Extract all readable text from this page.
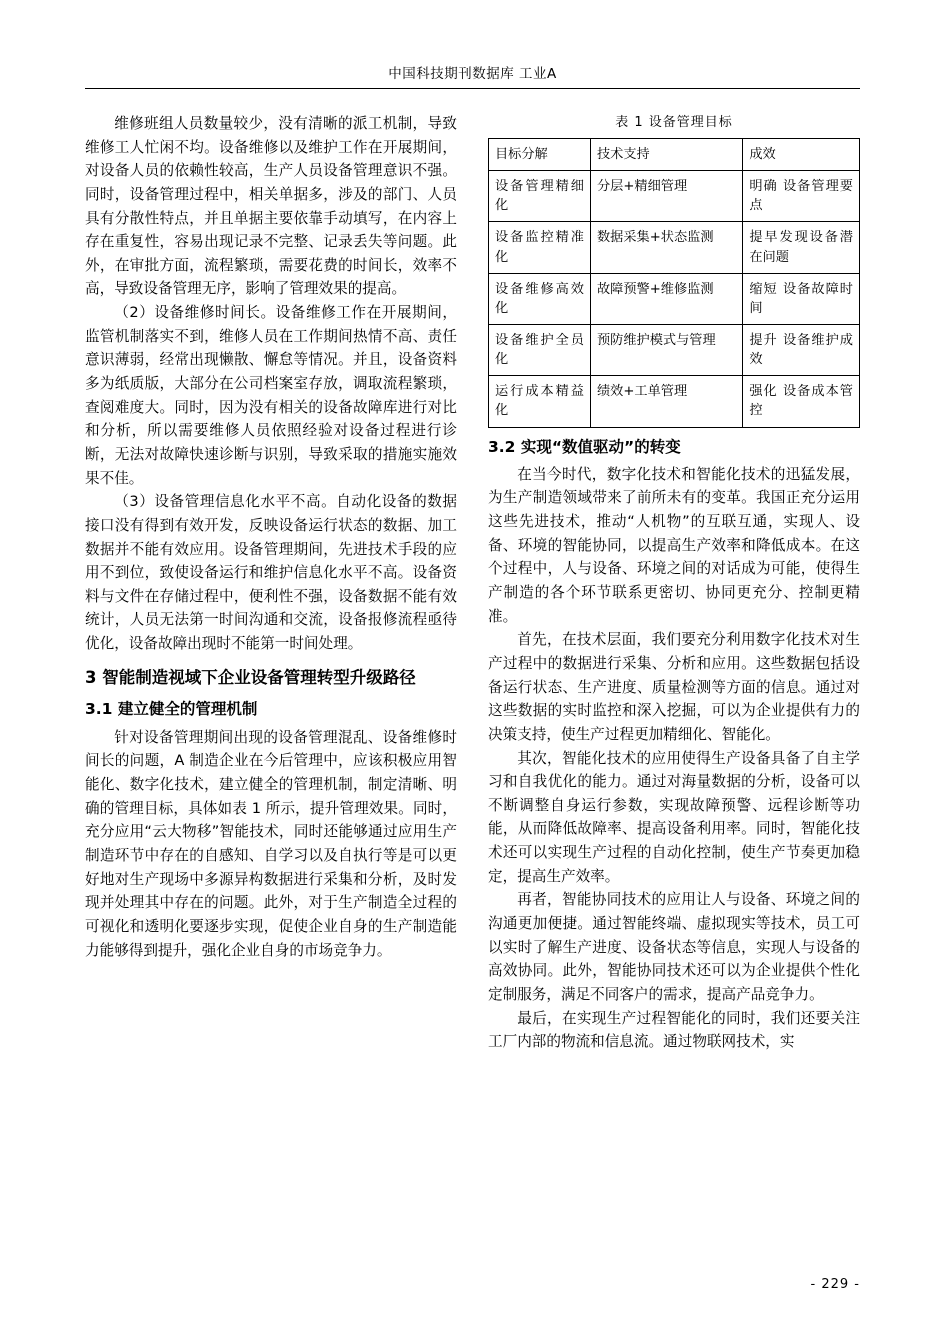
中国科技期刊数据库 工业A

维修班组人员数量较少，没有清晰的派工机制，导致维修工人忙闲不均。设备维修以及维护工作在开展期间，对设备人员的依赖性较高，生产人员设备管理意识不强。同时，设备管理过程中，相关单据多，涉及的部门、人员具有分散性特点，并且单据主要依靠手动填写，在内容上存在重复性，容易出现记录不完整、记录丢失等问题。此外，在审批方面，流程繁琐，需要花费的时间长，效率不高，导致设备管理无序，影响了管理效果的提高。

（2）设备维修时间长。设备维修工作在开展期间，监管机制落实不到，维修人员在工作期间热情不高、责任意识薄弱，经常出现懒散、懈怠等情况。并且，设备资料多为纸质版，大部分在公司档案室存放，调取流程繁琐，查阅难度大。同时，因为没有相关的设备故障库进行对比和分析，所以需要维修人员依照经验对设备过程进行诊断，无法对故障快速诊断与识别，导致采取的措施实施效果不佳。

（3）设备管理信息化水平不高。自动化设备的数据接口没有得到有效开发，反映设备运行状态的数据、加工数据并不能有效应用。设备管理期间，先进技术手段的应用不到位，致使设备运行和维护信息化水平不高。设备资料与文件在存储过程中，便利性不强，设备数据不能有效统计，人员无法第一时间沟通和交流，设备报修流程亟待优化，设备故障出现时不能第一时间处理。

3 智能制造视域下企业设备管理转型升级路径
3.1 建立健全的管理机制

针对设备管理期间出现的设备管理混乱、设备维修时间长的问题，A 制造企业在今后管理中，应该积极应用智能化、数字化技术，建立健全的管理机制，制定清晰、明确的管理目标，具体如表 1 所示，提升管理效果。同时，充分应用“云大物移”智能技术，同时还能够通过应用生产制造环节中存在的自感知、自学习以及自执行等是可以更好地对生产现场中多源异构数据进行采集和分析，及时发现并处理其中存在的问题。此外，对于生产制造全过程的可视化和透明化要逐步实现，促使企业自身的生产制造能力能够得到提升，强化企业自身的市场竞争力。

表 1 设备管理目标
目标分解	技术支持	成效
设备管理精细化	分层+精细管理	明确 设备管理要点
设备监控精准化	数据采集+状态监测	提早发现设备潜在问题
设备维修高效化	故障预警+维修监测	缩短 设备故障时间
设备维护全员化	预防维护模式与管理	提升 设备维护成效
运行成本精益化	绩效+工单管理	强化 设备成本管控
3.2 实现“数值驱动”的转变

在当今时代，数字化技术和智能化技术的迅猛发展，为生产制造领域带来了前所未有的变革。我国正充分运用这些先进技术，推动“人机物”的互联互通，实现人、设备、环境的智能协同，以提高生产效率和降低成本。在这个过程中，人与设备、环境之间的对话成为可能，使得生产制造的各个环节联系更密切、协同更充分、控制更精准。

首先，在技术层面，我们要充分利用数字化技术对生产过程中的数据进行采集、分析和应用。这些数据包括设备运行状态、生产进度、质量检测等方面的信息。通过对这些数据的实时监控和深入挖掘，可以为企业提供有力的决策支持，使生产过程更加精细化、智能化。

其次，智能化技术的应用使得生产设备具备了自主学习和自我优化的能力。通过对海量数据的分析，设备可以不断调整自身运行参数，实现故障预警、远程诊断等功能，从而降低故障率、提高设备利用率。同时，智能化技术还可以实现生产过程的自动化控制，使生产节奏更加稳定，提高生产效率。

再者，智能协同技术的应用让人与设备、环境之间的沟通更加便捷。通过智能终端、虚拟现实等技术，员工可以实时了解生产进度、设备状态等信息，实现人与设备的高效协同。此外，智能协同技术还可以为企业提供个性化定制服务，满足不同客户的需求，提高产品竞争力。

最后，在实现生产过程智能化的同时，我们还要关注工厂内部的物流和信息流。通过物联网技术，实

- 229 -
